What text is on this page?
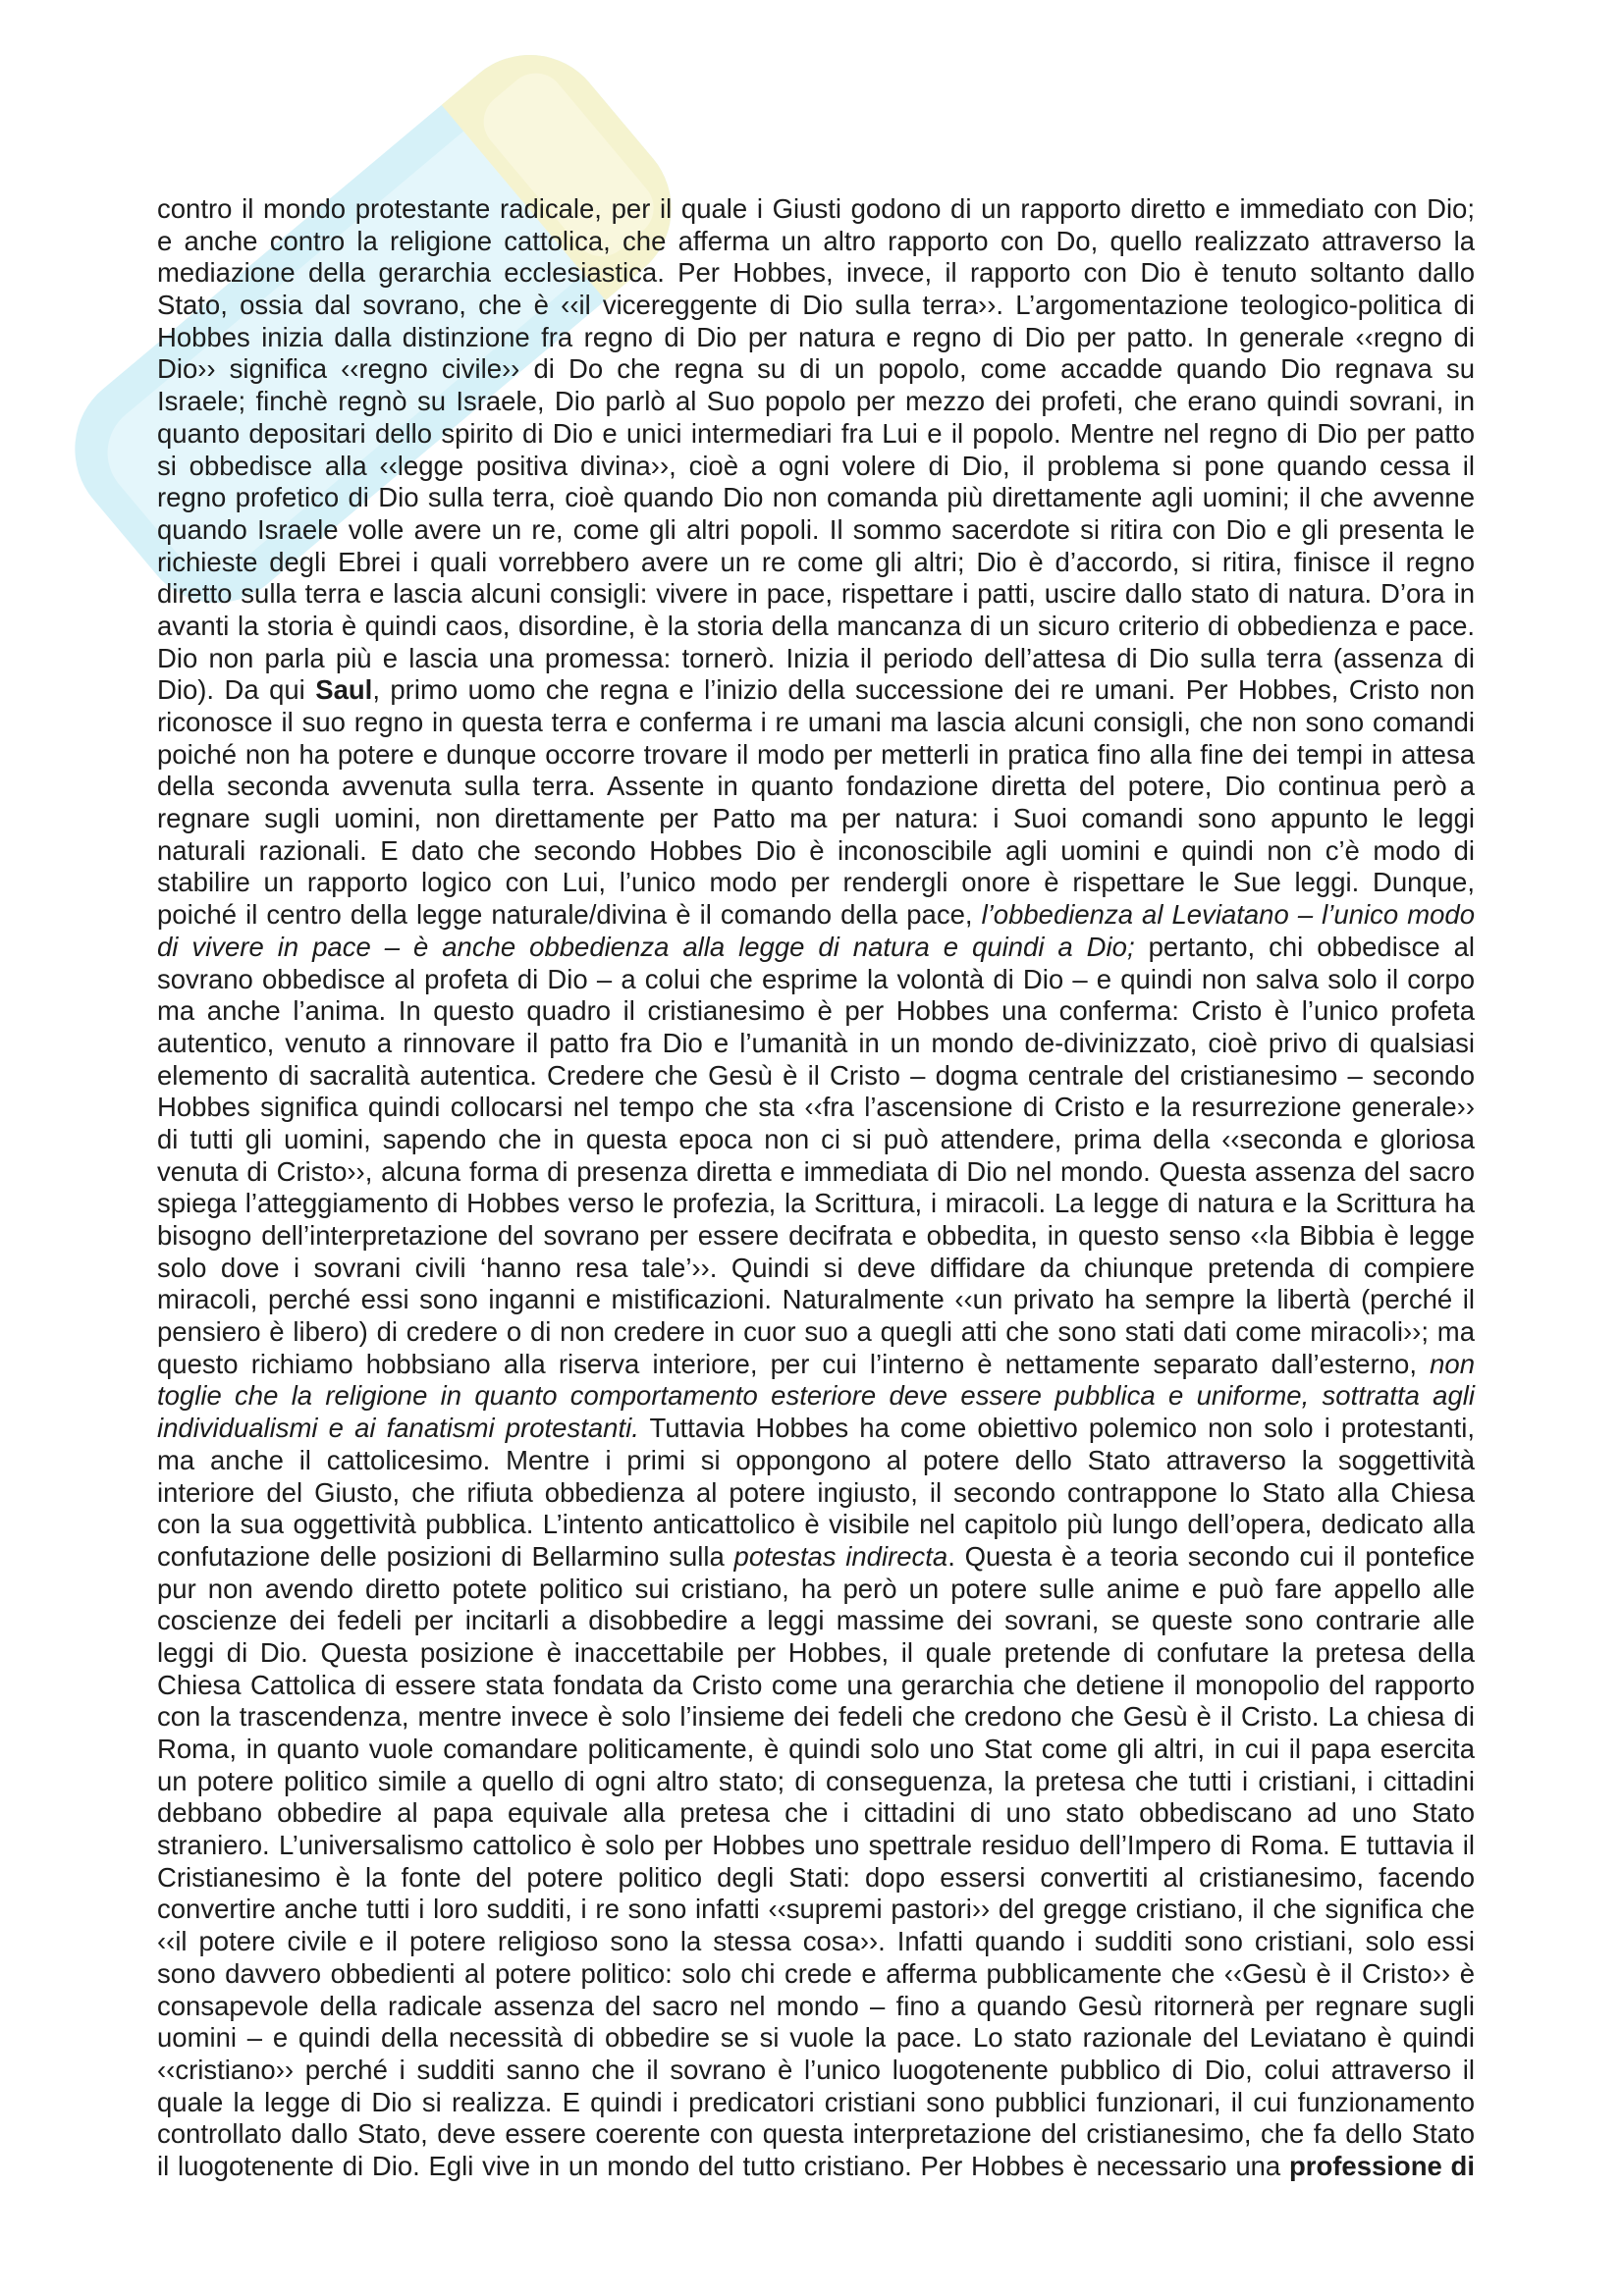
contro il mondo protestante radicale, per il quale i Giusti godono di un rapporto diretto e immediato con Dio;
e anche contro la religione cattolica, che afferma un altro rapporto con Do, quello realizzato attraverso la
mediazione della gerarchia ecclesiastica. Per Hobbes, invece, il rapporto con Dio è tenuto soltanto dallo
Stato, ossia dal sovrano, che è ‹‹il vicereggente di Dio sulla terra››. L’argomentazione teologico-politica di
Hobbes inizia dalla distinzione fra regno di Dio per natura e regno di Dio per patto. In generale ‹‹regno di
Dio›› significa ‹‹regno civile›› di Do che regna su di un popolo, come accadde quando Dio regnava su
Israele; finchè regnò su Israele, Dio parlò al Suo popolo per mezzo dei profeti, che erano quindi sovrani, in
quanto depositari dello spirito di Dio e unici intermediari fra Lui e il popolo. Mentre nel regno di Dio per patto
si obbedisce alla ‹‹legge positiva divina››, cioè a ogni volere di Dio, il problema si pone quando cessa il
regno profetico di Dio sulla terra, cioè quando Dio non comanda più direttamente agli uomini; il che avvenne
quando Israele volle avere un re, come gli altri popoli. Il sommo sacerdote si ritira con Dio e gli presenta le
richieste degli Ebrei i quali vorrebbero avere un re come gli altri; Dio è d’accordo, si ritira, finisce il regno
diretto sulla terra e lascia alcuni consigli: vivere in pace, rispettare i patti, uscire dallo stato di natura. D’ora in
avanti la storia è quindi caos, disordine, è la storia della mancanza di un sicuro criterio di obbedienza e pace.
Dio non parla più e lascia una promessa: tornerò. Inizia il periodo dell’attesa di Dio sulla terra (assenza di
Dio). Da qui Saul, primo uomo che regna e l’inizio della successione dei re umani. Per Hobbes, Cristo non
riconosce il suo regno in questa terra e conferma i re umani ma lascia alcuni consigli, che non sono comandi
poiché non ha potere e dunque occorre trovare il modo per metterli in pratica fino alla fine dei tempi in attesa
della seconda avvenuta sulla terra. Assente in quanto fondazione diretta del potere, Dio continua però a
regnare sugli uomini, non direttamente per Patto ma per natura: i Suoi comandi sono appunto le leggi
naturali razionali. E dato che secondo Hobbes Dio è inconoscibile agli uomini e quindi non c’è modo di
stabilire un rapporto logico con Lui, l’unico modo per rendergli onore è rispettare le Sue leggi. Dunque,
poiché il centro della legge naturale/divina è il comando della pace, l’obbedienza al Leviatano – l’unico modo
di vivere in pace – è anche obbedienza alla legge di natura e quindi a Dio; pertanto, chi obbedisce al
sovrano obbedisce al profeta di Dio – a colui che esprime la volontà di Dio – e quindi non salva solo il corpo
ma anche l’anima. In questo quadro il cristianesimo è per Hobbes una conferma: Cristo è l’unico profeta
autentico, venuto a rinnovare il patto fra Dio e l’umanità in un mondo de-divinizzato, cioè privo di qualsiasi
elemento di sacralità autentica. Credere che Gesù è il Cristo – dogma centrale del cristianesimo – secondo
Hobbes significa quindi collocarsi nel tempo che sta ‹‹fra l’ascensione di Cristo e la resurrezione generale››
di tutti gli uomini, sapendo che in questa epoca non ci si può attendere, prima della ‹‹seconda e gloriosa
venuta di Cristo››, alcuna forma di presenza diretta e immediata di Dio nel mondo. Questa assenza del sacro
spiega l’atteggiamento di Hobbes verso le profezia, la Scrittura, i miracoli. La legge di natura e la Scrittura ha
bisogno dell’interpretazione del sovrano per essere decifrata e obbedita, in questo senso ‹‹la Bibbia è legge
solo dove i sovrani civili ‘hanno resa tale’››. Quindi si deve diffidare da chiunque pretenda di compiere
miracoli, perché essi sono inganni e mistificazioni. Naturalmente ‹‹un privato ha sempre la libertà (perché il
pensiero è libero) di credere o di non credere in cuor suo a quegli atti che sono stati dati come miracoli››; ma
questo richiamo hobbsiano alla riserva interiore, per cui l’interno è nettamente separato dall’esterno, non
toglie che la religione in quanto comportamento esteriore deve essere pubblica e uniforme, sottratta agli
individualismi e ai fanatismi protestanti. Tuttavia Hobbes ha come obiettivo polemico non solo i protestanti,
ma anche il cattolicesimo. Mentre i primi si oppongono al potere dello Stato attraverso la soggettività
interiore del Giusto, che rifiuta obbedienza al potere ingiusto, il secondo contrappone lo Stato alla Chiesa
con la sua oggettività pubblica. L’intento anticattolico è visibile nel capitolo più lungo dell’opera, dedicato alla
confutazione delle posizioni di Bellarmino sulla potestas indirecta. Questa è a teoria secondo cui il pontefice
pur non avendo diretto potete politico sui cristiano, ha però un potere sulle anime e può fare appello alle
coscienze dei fedeli per incitarli a disobbedire a leggi massime dei sovrani, se queste sono contrarie alle
leggi di Dio. Questa posizione è inaccettabile per Hobbes, il quale pretende di confutare la pretesa della
Chiesa Cattolica di essere stata fondata da Cristo come una gerarchia che detiene il monopolio del rapporto
con la trascendenza, mentre invece è solo l’insieme dei fedeli che credono che Gesù è il Cristo. La chiesa di
Roma, in quanto vuole comandare politicamente, è quindi solo uno Stat come gli altri, in cui il papa esercita
un potere politico simile a quello di ogni altro stato; di conseguenza, la pretesa che tutti i cristiani, i cittadini
debbano obbedire al papa equivale alla pretesa che i cittadini di uno stato obbediscano ad uno Stato
straniero. L’universalismo cattolico è solo per Hobbes uno spettrale residuo dell’Impero di Roma. E tuttavia il
Cristianesimo è la fonte del potere politico degli Stati: dopo essersi convertiti al cristianesimo, facendo
convertire anche tutti i loro sudditi, i re sono infatti ‹‹supremi pastori›› del gregge cristiano, il che significa che
‹‹il potere civile e il potere religioso sono la stessa cosa››. Infatti quando i sudditi sono cristiani, solo essi
sono davvero obbedienti al potere politico: solo chi crede e afferma pubblicamente che ‹‹Gesù è il Cristo›› è
consapevole della radicale assenza del sacro nel mondo – fino a quando Gesù ritornerà per regnare sugli
uomini – e quindi della necessità di obbedire se si vuole la pace. Lo stato razionale del Leviatano è quindi
‹‹cristiano›› perché i sudditi sanno che il sovrano è l’unico luogotenente pubblico di Dio, colui attraverso il
quale la legge di Dio si realizza. E quindi i predicatori cristiani sono pubblici funzionari, il cui funzionamento
controllato dallo Stato, deve essere coerente con questa interpretazione del cristianesimo, che fa dello Stato
il luogotenente di Dio. Egli vive in un mondo del tutto cristiano. Per Hobbes è necessario una professione di
